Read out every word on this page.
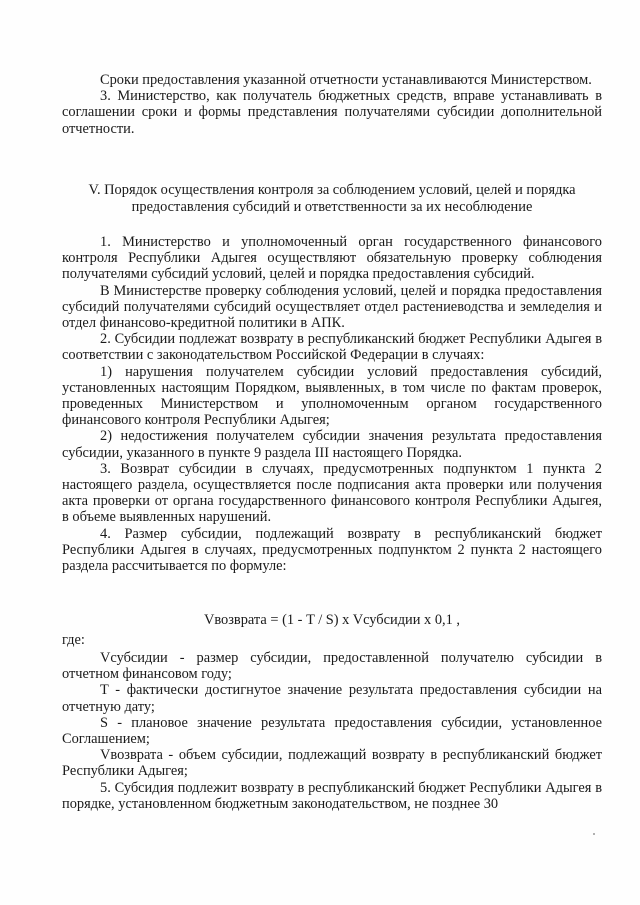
Сроки предоставления указанной отчетности устанавливаются Министерством.

3. Министерство, как получатель бюджетных средств, вправе устанавливать в соглашении сроки и формы представления получателями субсидии дополнительной отчетности.

V. Порядок осуществления контроля за соблюдением условий, целей и порядка предоставления субсидий и ответственности за их несоблюдение

1. Министерство и уполномоченный орган государственного финансового контроля Республики Адыгея осуществляют обязательную проверку соблюдения получателями субсидий условий, целей и порядка предоставления субсидий.

В Министерстве проверку соблюдения условий, целей и порядка предоставления субсидий получателями субсидий осуществляет отдел растениеводства и земледелия и отдел финансово-кредитной политики в АПК.

2. Субсидии подлежат возврату в республиканский бюджет Республики Адыгея в соответствии с законодательством Российской Федерации в случаях:

1) нарушения получателем субсидии условий предоставления субсидий, установленных настоящим Порядком, выявленных, в том числе по фактам проверок, проведенных Министерством и уполномоченным органом государственного финансового контроля Республики Адыгея;

2) недостижения получателем субсидии значения результата предоставления субсидии, указанного в пункте 9 раздела III настоящего Порядка.

3. Возврат субсидии в случаях, предусмотренных подпунктом 1 пункта 2 настоящего раздела, осуществляется после подписания акта проверки или получения акта проверки от органа государственного финансового контроля Республики Адыгея, в объеме выявленных нарушений.

4. Размер субсидии, подлежащий возврату в республиканский бюджет Республики Адыгея в случаях, предусмотренных подпунктом 2 пункта 2 настоящего раздела рассчитывается по формуле:

Vвозврата = (1 - T / S) x Vсубсидии x 0,1 ,
где:

Vсубсидии - размер субсидии, предоставленной получателю субсидии в отчетном финансовом году;

T - фактически достигнутое значение результата предоставления субсидии на отчетную дату;

S - плановое значение результата предоставления субсидии, установленное Соглашением;

Vвозврата - объем субсидии, подлежащий возврату в республиканский бюджет Республики Адыгея;

5. Субсидия подлежит возврату в республиканский бюджет Республики Адыгея в порядке, установленном бюджетным законодательством, не позднее 30
